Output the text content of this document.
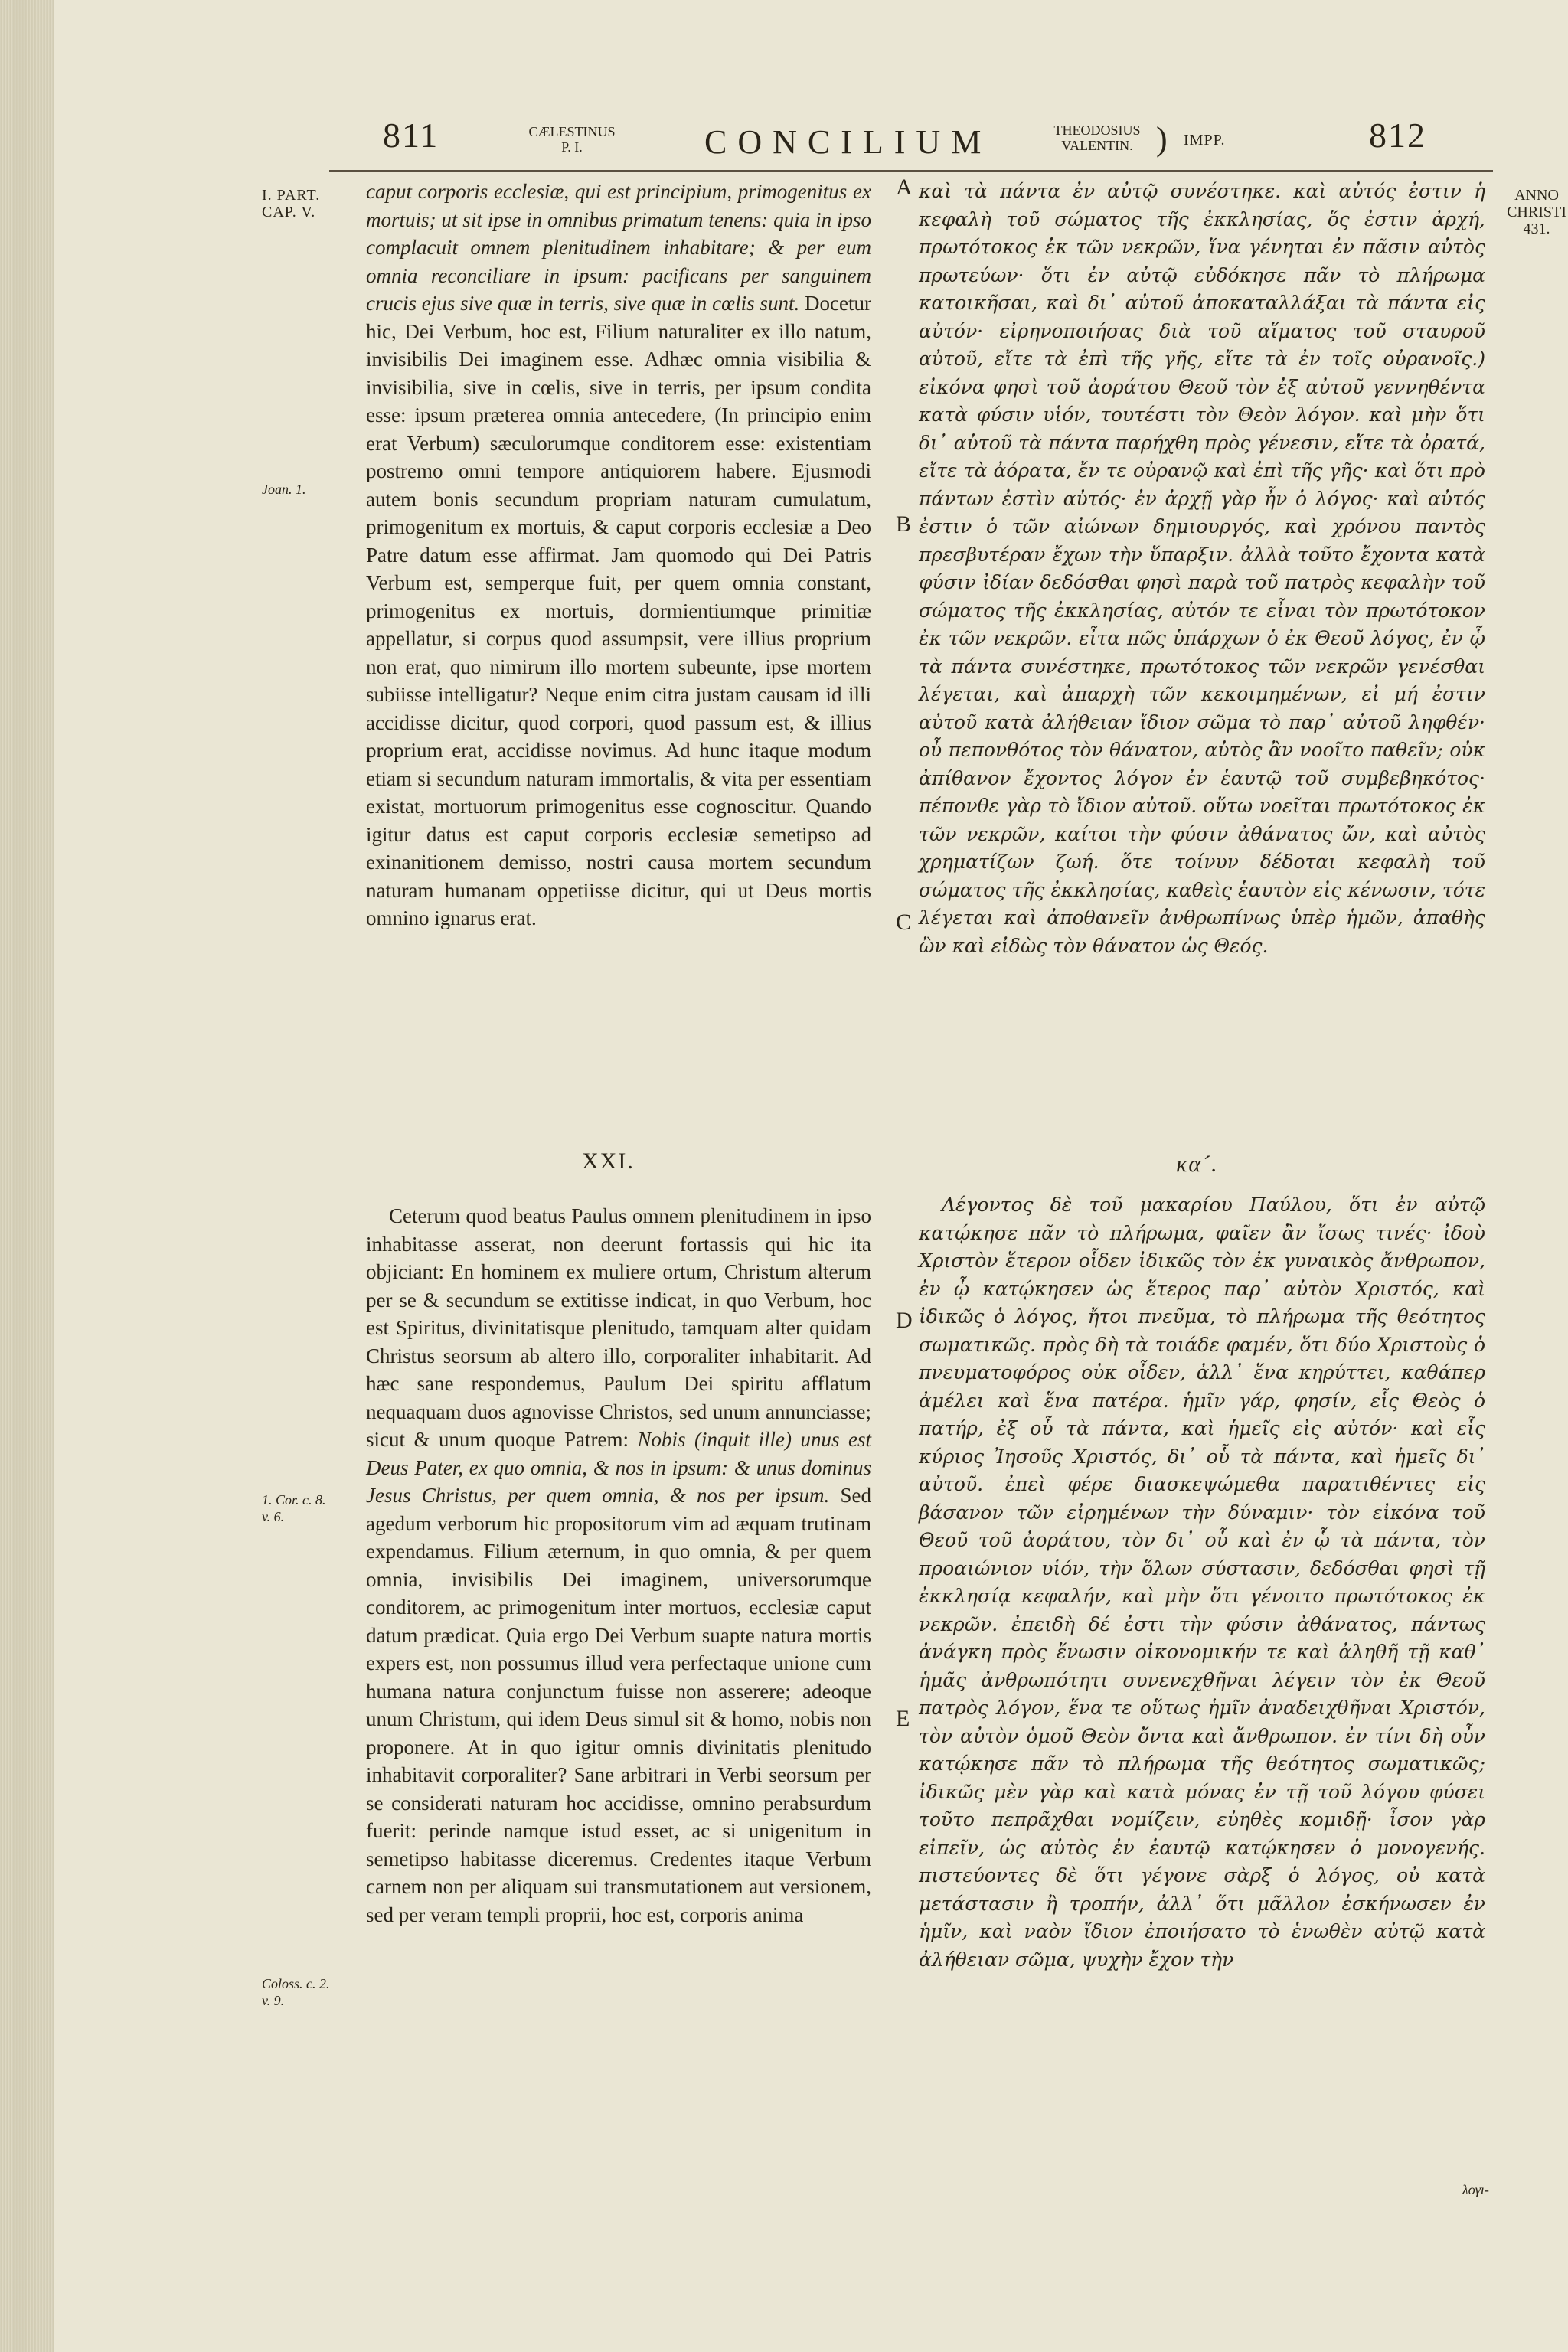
811	CÆLESTINUS
P. I.	CONCILIUM	THEODOSIUS
VALENTIN. ) IMPP.	812
I. PART.
CAP. V.
Joan. 1.
1. Cor. c. 8.
v. 6.
Coloss. c. 2.
v. 9.
ANNO
CHRISTI
431.
A
B
C
D
E

caput corporis ecclesiæ, qui est principium, primogenitus ex mortuis; ut sit ipse in omnibus primatum tenens: quia in ipso complacuit omnem plenitudinem inhabitare; & per eum omnia reconciliare in ipsum: pacificans per sanguinem crucis ejus sive quæ in terris, sive quæ in cœlis sunt. Docetur hic, Dei Verbum, hoc est, Filium naturaliter ex illo natum, invisibilis Dei imaginem esse. Adhæc omnia visibilia & invisibilia, sive in cœlis, sive in terris, per ipsum condita esse: ipsum præterea omnia antecedere, (In principio enim erat Verbum) sæculorumque conditorem esse: existentiam postremo omni tempore antiquiorem habere. Ejusmodi autem bonis secundum propriam naturam cumulatum, primogenitum ex mortuis, & caput corporis ecclesiæ a Deo Patre datum esse affirmat. Jam quomodo qui Dei Patris Verbum est, semperque fuit, per quem omnia constant, primogenitus ex mortuis, dormientiumque primitiæ appellatur, si corpus quod assumpsit, vere illius proprium non erat, quo nimirum illo mortem subeunte, ipse mortem subiisse intelligatur? Neque enim citra justam causam id illi accidisse dicitur, quod corpori, quod passum est, & illius proprium erat, accidisse novimus. Ad hunc itaque modum etiam si secundum naturam immortalis, & vita per essentiam existat, mortuorum primogenitus esse cognoscitur. Quando igitur datus est caput corporis ecclesiæ semetipso ad exinanitionem demisso, nostri causa mortem secundum naturam humanam oppetiisse dicitur, qui ut Deus mortis omnino ignarus erat.

XXI.

Ceterum quod beatus Paulus omnem plenitudinem in ipso inhabitasse asserat, non deerunt fortassis qui hic ita objiciant: En hominem ex muliere ortum, Christum alterum per se & secundum se extitisse indicat, in quo Verbum, hoc est Spiritus, divinitatisque plenitudo, tamquam alter quidam Christus seorsum ab altero illo, corporaliter inhabitarit. Ad hæc sane respondemus, Paulum Dei spiritu afflatum nequaquam duos agnovisse Christos, sed unum annunciasse; sicut & unum quoque Patrem: Nobis (inquit ille) unus est Deus Pater, ex quo omnia, & nos in ipsum: & unus dominus Jesus Christus, per quem omnia, & nos per ipsum. Sed agedum verborum hic propositorum vim ad æquam trutinam expendamus. Filium æternum, in quo omnia, & per quem omnia, invisibilis Dei imaginem, universorumque conditorem, ac primogenitum inter mortuos, ecclesiæ caput datum prædicat. Quia ergo Dei Verbum suapte natura mortis expers est, non possumus illud vera perfectaque unione cum humana natura conjunctum fuisse non asserere; adeoque unum Christum, qui idem Deus simul sit & homo, nobis non proponere. At in quo igitur omnis divinitatis plenitudo inhabitavit corporaliter? Sane arbitrari in Verbi seorsum per se considerati naturam hoc accidisse, omnino perabsurdum fuerit: perinde namque istud esset, ac si unigenitum in semetipso habitasse diceremus. Credentes itaque Verbum carnem non per aliquam sui transmutationem aut versionem, sed per veram templi proprii, hoc est, corporis anima

καὶ τὰ πάντα ἐν αὐτῷ συνέστηκε. καὶ αὐτός ἐστιν ἡ κεφαλὴ τοῦ σώματος τῆς ἐκκλησίας, ὅς ἐστιν ἀρχή, πρωτότοκος ἐκ τῶν νεκρῶν, ἵνα γένηται ἐν πᾶσιν αὐτὸς πρωτεύων· ὅτι ἐν αὐτῷ εὐδόκησε πᾶν τὸ πλήρωμα κατοικῆσαι, καὶ δι᾽ αὐτοῦ ἀποκαταλλάξαι τὰ πάντα εἰς αὐτόν· εἰρηνοποιήσας διὰ τοῦ αἵματος τοῦ σταυροῦ αὐτοῦ, εἴτε τὰ ἐπὶ τῆς γῆς, εἴτε τὰ ἐν τοῖς οὐρανοῖς.) εἰκόνα φησὶ τοῦ ἀοράτου Θεοῦ τὸν ἐξ αὐτοῦ γεννηθέντα κατὰ φύσιν υἱόν, τουτέστι τὸν Θεὸν λόγον. καὶ μὴν ὅτι δι᾽ αὐτοῦ τὰ πάντα παρήχθη πρὸς γένεσιν, εἴτε τὰ ὁρατά, εἴτε τὰ ἀόρατα, ἔν τε οὐρανῷ καὶ ἐπὶ τῆς γῆς· καὶ ὅτι πρὸ πάντων ἐστὶν αὐτός· ἐν ἀρχῇ γὰρ ἦν ὁ λόγος· καὶ αὐτός ἐστιν ὁ τῶν αἰώνων δημιουργός, καὶ χρόνου παντὸς πρεσβυτέραν ἔχων τὴν ὕπαρξιν. ἀλλὰ τοῦτο ἔχοντα κατὰ φύσιν ἰδίαν δεδόσθαι φησὶ παρὰ τοῦ πατρὸς κεφαλὴν τοῦ σώματος τῆς ἐκκλησίας, αὐτόν τε εἶναι τὸν πρωτότοκον ἐκ τῶν νεκρῶν. εἶτα πῶς ὑπάρχων ὁ ἐκ Θεοῦ λόγος, ἐν ᾧ τὰ πάντα συνέστηκε, πρωτότοκος τῶν νεκρῶν γενέσθαι λέγεται, καὶ ἀπαρχὴ τῶν κεκοιμημένων, εἰ μή ἐστιν αὐτοῦ κατὰ ἀλήθειαν ἴδιον σῶμα τὸ παρ᾽ αὐτοῦ ληφθέν· οὗ πεπονθότος τὸν θάνατον, αὐτὸς ἂν νοοῖτο παθεῖν; οὐκ ἀπίθανον ἔχοντος λόγον ἐν ἑαυτῷ τοῦ συμβεβηκότος· πέπονθε γὰρ τὸ ἴδιον αὐτοῦ. οὕτω νοεῖται πρωτότοκος ἐκ τῶν νεκρῶν, καίτοι τὴν φύσιν ἀθάνατος ὤν, καὶ αὐτὸς χρηματίζων ζωή. ὅτε τοίνυν δέδοται κεφαλὴ τοῦ σώματος τῆς ἐκκλησίας, καθεὶς ἑαυτὸν εἰς κένωσιν, τότε λέγεται καὶ ἀποθανεῖν ἀνθρωπίνως ὑπὲρ ἡμῶν, ἀπαθὴς ὢν καὶ εἰδὼς τὸν θάνατον ὡς Θεός.

κα´.

Λέγοντος δὲ τοῦ μακαρίου Παύλου, ὅτι ἐν αὐτῷ κατῴκησε πᾶν τὸ πλήρωμα, φαῖεν ἂν ἴσως τινές· ἰδοὺ Χριστὸν ἕτερον οἷδεν ἰδικῶς τὸν ἐκ γυναικὸς ἄνθρωπον, ἐν ᾧ κατῴκησεν ὡς ἕτερος παρ᾽ αὐτὸν Χριστός, καὶ ἰδικῶς ὁ λόγος, ἤτοι πνεῦμα, τὸ πλήρωμα τῆς θεότητος σωματικῶς. πρὸς δὴ τὰ τοιάδε φαμέν, ὅτι δύο Χριστοὺς ὁ πνευματοφόρος οὐκ οἶδεν, ἀλλ᾽ ἕνα κηρύττει, καθάπερ ἀμέλει καὶ ἕνα πατέρα. ἡμῖν γάρ, φησίν, εἷς Θεὸς ὁ πατήρ, ἐξ οὗ τὰ πάντα, καὶ ἡμεῖς εἰς αὐτόν· καὶ εἷς κύριος Ἰησοῦς Χριστός, δι᾽ οὗ τὰ πάντα, καὶ ἡμεῖς δι᾽ αὐτοῦ. ἐπεὶ φέρε διασκεψώμεθα παρατιθέντες εἰς βάσανον τῶν εἰρημένων τὴν δύναμιν· τὸν εἰκόνα τοῦ Θεοῦ τοῦ ἀοράτου, τὸν δι᾽ οὗ καὶ ἐν ᾧ τὰ πάντα, τὸν προαιώνιον υἱόν, τὴν ὅλων σύστασιν, δεδόσθαι φησὶ τῇ ἐκκλησίᾳ κεφαλήν, καὶ μὴν ὅτι γένοιτο πρωτότοκος ἐκ νεκρῶν. ἐπειδὴ δέ ἐστι τὴν φύσιν ἀθάνατος, πάντως ἀνάγκη πρὸς ἕνωσιν οἰκονομικήν τε καὶ ἀληθῆ τῇ καθ᾽ ἡμᾶς ἀνθρωπότητι συνενεχθῆναι λέγειν τὸν ἐκ Θεοῦ πατρὸς λόγον, ἕνα τε οὕτως ἡμῖν ἀναδειχθῆναι Χριστόν, τὸν αὐτὸν ὁμοῦ Θεὸν ὄντα καὶ ἄνθρωπον. ἐν τίνι δὴ οὖν κατῴκησε πᾶν τὸ πλήρωμα τῆς θεότητος σωματικῶς; ἰδικῶς μὲν γὰρ καὶ κατὰ μόνας ἐν τῇ τοῦ λόγου φύσει τοῦτο πεπρᾶχθαι νομίζειν, εὐηθὲς κομιδῇ· ἶσον γὰρ εἰπεῖν, ὡς αὐτὸς ἐν ἑαυτῷ κατῴκησεν ὁ μονογενής. πιστεύοντες δὲ ὅτι γέγονε σὰρξ ὁ λόγος, οὐ κατὰ μετάστασιν ἢ τροπήν, ἀλλ᾽ ὅτι μᾶλλον ἐσκήνωσεν ἐν ἡμῖν, καὶ ναὸν ἴδιον ἐποιήσατο τὸ ἑνωθὲν αὐτῷ κατὰ ἀλήθειαν σῶμα, ψυχὴν ἔχον τὴν

λογι-
